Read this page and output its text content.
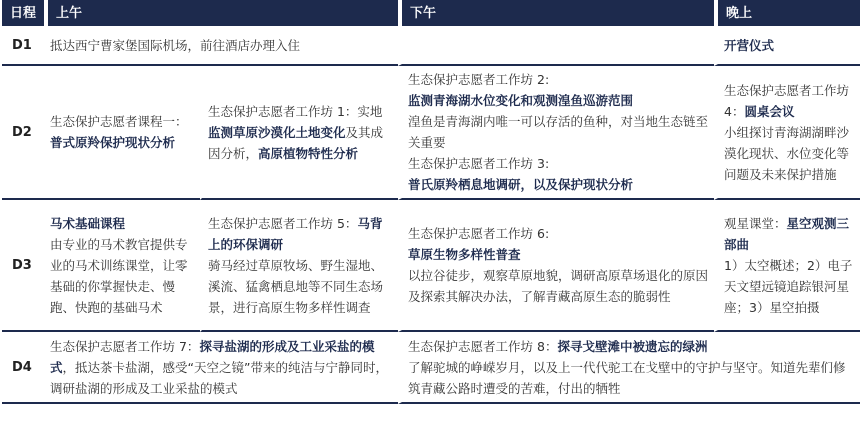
日程	上午		下午	晚上
D1	抵达西宁曹家堡国际机场，前往酒店办理入住			开营仪式
D2	生态保护志愿者课程一：
普式原羚保护现状分析	生态保护志愿者工作坊 1：实地监测草原沙漠化土地变化及其成因分析，高原植物特性分析	生态保护志愿者工作坊 2:
监测青海湖水位变化和观测湟鱼巡游范围
湟鱼是青海湖内唯一可以存活的鱼种，对当地生态链至关重要
生态保护志愿者工作坊 3:
普氏原羚栖息地调研，以及保护现状分析	生态保护志愿者工作坊 4：圆桌会议
小组探讨青海湖湖畔沙漠化现状、水位变化等问题及未来保护措施
D3	马术基础课程
由专业的马术教官提供专业的马术训练课堂，让零基础的你掌握快走、慢跑、快跑的基础马术	生态保护志愿者工作坊 5：马背上的环保调研
骑马经过草原牧场、野生湿地、溪流、猛禽栖息地等不同生态场景，进行高原生物多样性调查	生态保护志愿者工作坊 6:
草原生物多样性普查
以拉谷徒步，观察草原地貌，调研高原草场退化的原因及探索其解决办法，了解青藏高原生态的脆弱性	观星课堂：星空观测三部曲
1）太空概述；2）电子天文望远镜追踪银河星座；3）星空拍摄
D4	生态保护志愿者工作坊 7：探寻盐湖的形成及工业采盐的模式，抵达茶卡盐湖，感受“天空之镜”带来的纯洁与宁静同时，调研盐湖的形成及工业采盐的模式		生态保护志愿者工作坊 8：探寻戈壁滩中被遗忘的绿洲
了解驼城的峥嵘岁月，以及上一代代驼工在戈壁中的守护与坚守。知道先辈们修筑青藏公路时遭受的苦难，付出的牺牲	
